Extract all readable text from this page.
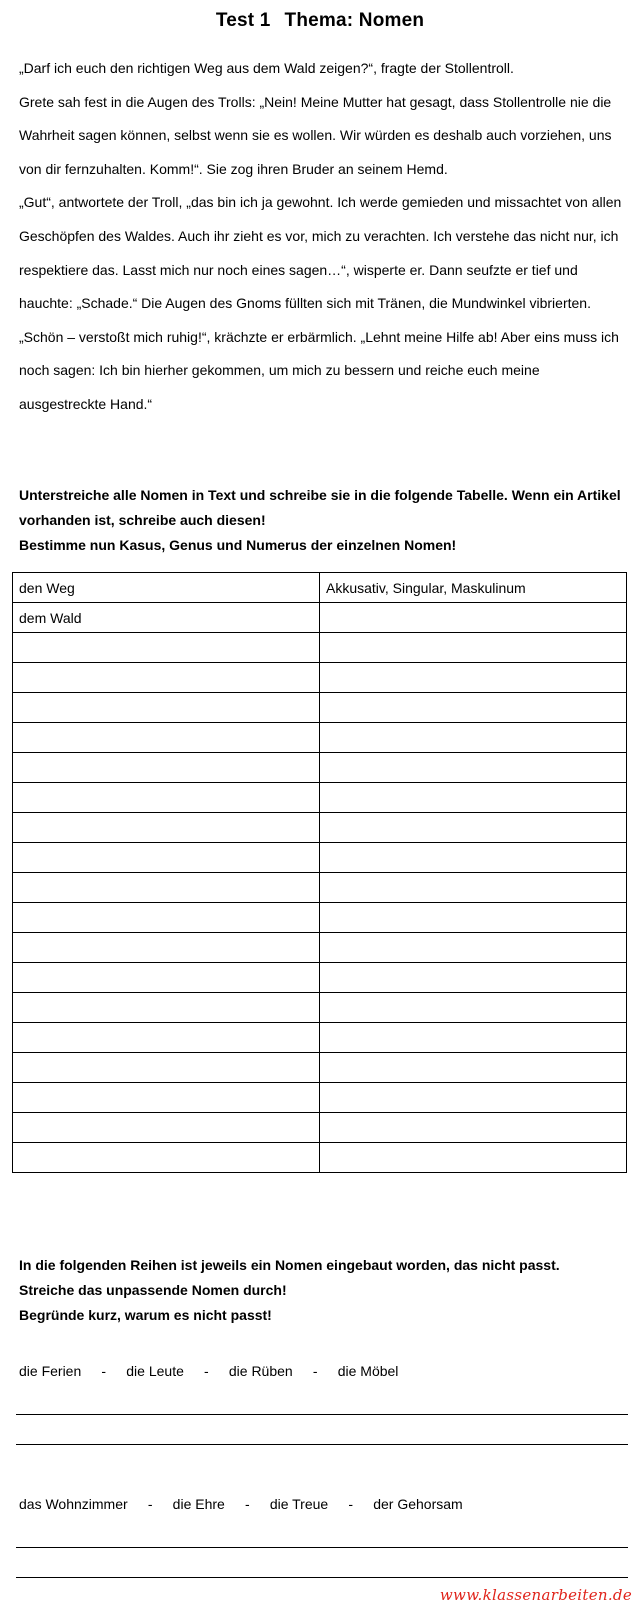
Test 1 Thema: Nomen

„Darf ich euch den richtigen Weg aus dem Wald zeigen?“, fragte der Stollentroll.

Grete sah fest in die Augen des Trolls: „Nein! Meine Mutter hat gesagt, dass Stollentrolle nie die Wahrheit sagen können, selbst wenn sie es wollen. Wir würden es deshalb auch vorziehen, uns von dir fernzuhalten. Komm!“. Sie zog ihren Bruder an seinem Hemd.

„Gut“, antwortete der Troll, „das bin ich ja gewohnt. Ich werde gemieden und missachtet von allen Geschöpfen des Waldes. Auch ihr zieht es vor, mich zu verachten. Ich verstehe das nicht nur, ich respektiere das. Lasst mich nur noch eines sagen…“, wisperte er. Dann seufzte er tief und hauchte: „Schade.“ Die Augen des Gnoms füllten sich mit Tränen, die Mundwinkel vibrierten.

„Schön – verstoßt mich ruhig!“, krächzte er erbärmlich. „Lehnt meine Hilfe ab! Aber eins muss ich noch sagen: Ich bin hierher gekommen, um mich zu bessern und reiche euch meine ausgestreckte Hand.“

Unterstreiche alle Nomen in Text und schreibe sie in die folgende Tabelle. Wenn ein Artikel vorhanden ist, schreibe auch diesen!

Bestimme nun Kasus, Genus und Numerus der einzelnen Nomen!

den Weg	Akkusativ, Singular, Maskulinum
dem Wald	

In die folgenden Reihen ist jeweils ein Nomen eingebaut worden, das nicht passt.

Streiche das unpassende Nomen durch!

Begründe kurz, warum es nicht passt!

die Ferien - die Leute - die Rüben - die Möbel
das Wohnzimmer - die Ehre - die Treue - der Gehorsam
www.klassenarbeiten.de
